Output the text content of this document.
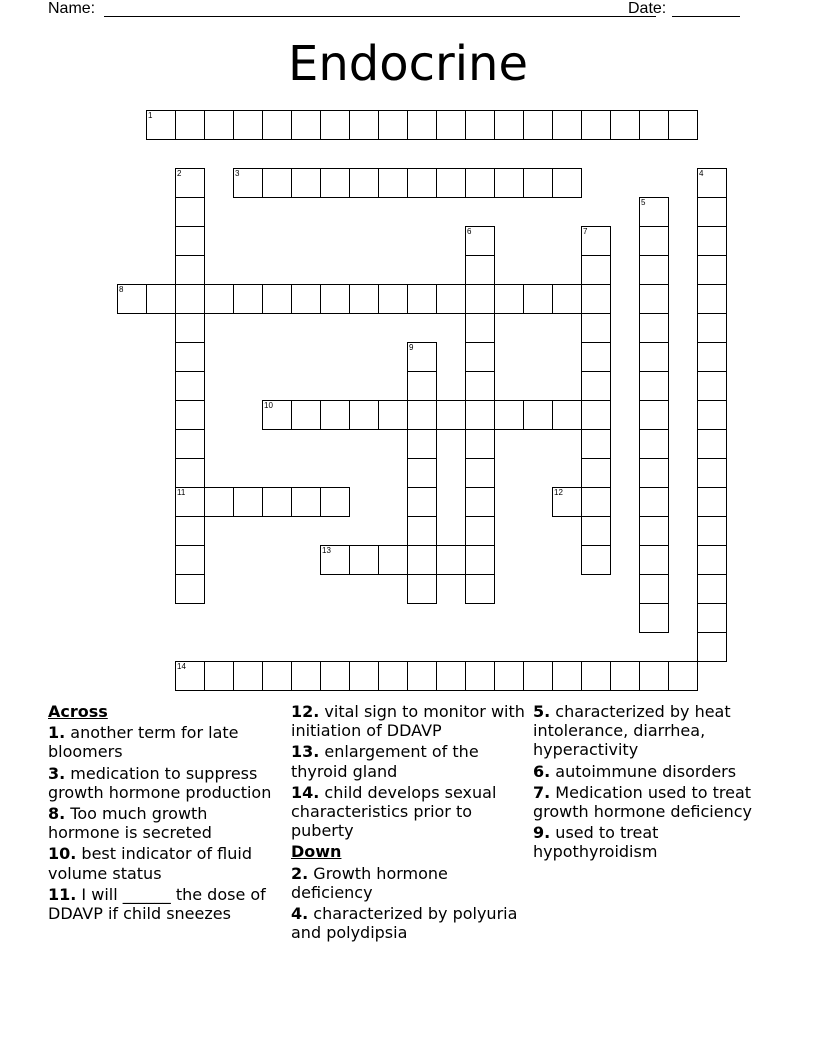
Name:	Date:
Endocrine
1
2
11
3	4
5
6	7
8
9
10
12
13
14
Across
1. another term for late bloomers
3. medication to suppress growth hormone production
8. Too much growth hormone is secreted
10. best indicator of fluid volume status
11. I will ______ the dose of DDAVP if child sneezes
12. vital sign to monitor with initiation of DDAVP
13. enlargement of the thyroid gland
14. child develops sexual characteristics prior to puberty
Down
2. Growth hormone deficiency
4. characterized by polyuria and polydipsia
5. characterized by heat intolerance, diarrhea, hyperactivity
6. autoimmune disorders
7. Medication used to treat growth hormone deficiency
9. used to treat hypothyroidism
